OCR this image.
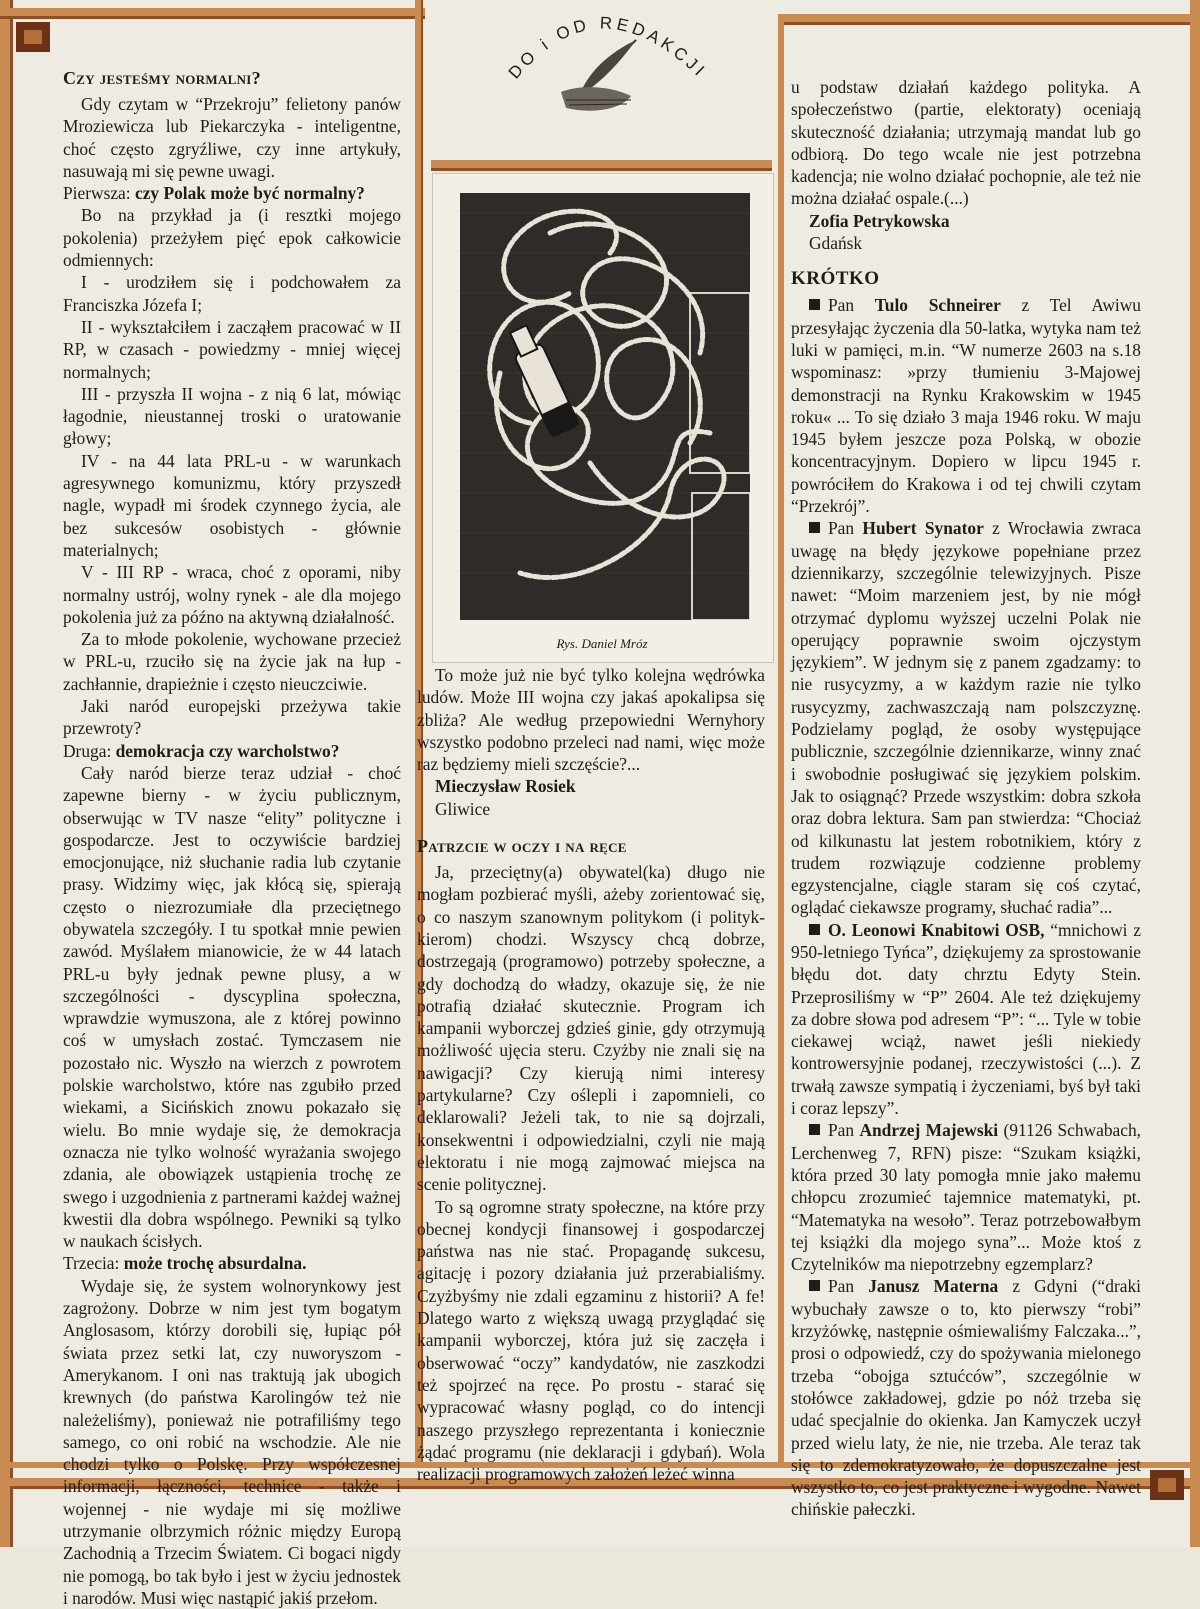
DO i OD REDAKCJI
Rys. Daniel Mróz
Czy jesteśmy normalni?

Gdy czytam w “Przekroju” felietony panów Mroziewicza lub Piekarczyka - inteligentne, choć często zgryźliwe, czy inne artykuły, nasuwają mi się pewne uwagi.

Pierwsza: czy Polak może być normalny?

Bo na przykład ja (i resztki mojego pokolenia) przeżyłem pięć epok całkowicie odmiennych:

I - urodziłem się i podchowałem za Franciszka Józefa I;

II - wykształciłem i zacząłem pracować w II RP, w czasach - powiedzmy - mniej więcej normalnych;

III - przyszła II wojna - z nią 6 lat, mówiąc łagodnie, nieustannej troski o uratowanie głowy;

IV - na 44 lata PRL-u - w warunkach agresywnego komunizmu, który przyszedł nagle, wypadł mi środek czynnego życia, ale bez sukcesów osobistych - głównie materialnych;

V - III RP - wraca, choć z oporami, niby normalny ustrój, wolny rynek - ale dla mojego pokolenia już za późno na aktywną działalność.

Za to młode pokolenie, wychowane przecież w PRL-u, rzuciło się na życie jak na łup - zachłannie, drapieżnie i często nieuczciwie.

Jaki naród europejski przeżywa takie przewroty?

Druga: demokracja czy warcholstwo?

Cały naród bierze teraz udział - choć zapewne bierny - w życiu publicznym, obserwując w TV nasze “elity” polityczne i gospodarcze. Jest to oczywiście bardziej emocjonujące, niż słuchanie radia lub czytanie prasy. Widzimy więc, jak kłócą się, spierają często o niezrozumiałe dla przeciętnego obywatela szczegóły. I tu spotkał mnie pewien zawód. Myślałem mianowicie, że w 44 latach PRL-u były jednak pewne plusy, a w szczególności - dyscyplina społeczna, wprawdzie wymuszona, ale z której powinno coś w umysłach zostać. Tymczasem nie pozostało nic. Wyszło na wierzch z powrotem polskie warcholstwo, które nas zgubiło przed wiekami, a Sicińskich znowu pokazało się wielu. Bo mnie wydaje się, że demokracja oznacza nie tylko wolność wyrażania swojego zdania, ale obowiązek ustąpienia trochę ze swego i uzgodnienia z partnerami każdej ważnej kwestii dla dobra wspólnego. Pewniki są tylko w naukach ścisłych.

Trzecia: może trochę absurdalna.

Wydaje się, że system wolnorynkowy jest zagrożony. Dobrze w nim jest tym bogatym Anglosasom, którzy dorobili się, łupiąc pół świata przez setki lat, czy nuworyszom - Amerykanom. I oni nas traktują jak ubogich krewnych (do państwa Karolingów też nie należeliśmy), ponieważ nie potrafiliśmy tego samego, co oni robić na wschodzie. Ale nie chodzi tylko o Polskę. Przy współczesnej informacji, łączności, technice - także i wojennej - nie wydaje mi się możliwe utrzymanie olbrzymich różnic między Europą Zachodnią a Trzecim Światem. Ci bogaci nigdy nie pomogą, bo tak było i jest w życiu jednostek i narodów. Musi więc nastąpić jakiś przełom.

To może już nie być tylko kolejna wędrówka ludów. Może III wojna czy jakaś apokalipsa się zbliża? Ale według przepowiedni Wernyhory wszystko podobno przeleci nad nami, więc może raz będziemy mieli szczęście?...

Mieczysław Rosiek

Gliwice

Patrzcie w oczy i na ręce

Ja, przeciętny(a) obywatel(ka) długo nie mogłam pozbierać myśli, ażeby zorientować się, o co naszym szanownym politykom (i polityk-kierom) chodzi. Wszyscy chcą dobrze, dostrzegają (programowo) potrzeby społeczne, a gdy dochodzą do władzy, okazuje się, że nie potrafią działać skutecznie. Program ich kampanii wyborczej gdzieś ginie, gdy otrzymują możliwość ujęcia steru. Czyżby nie znali się na nawigacji? Czy kierują nimi interesy partykularne? Czy oślepli i zapomnieli, co deklarowali? Jeżeli tak, to nie są dojrzali, konsekwentni i odpowiedzialni, czyli nie mają elektoratu i nie mogą zajmować miejsca na scenie politycznej.

To są ogromne straty społeczne, na które przy obecnej kondycji finansowej i gospodarczej państwa nas nie stać. Propagandę sukcesu, agitację i pozory działania już przerabialiśmy. Czyżbyśmy nie zdali egzaminu z historii? A fe! Dlatego warto z większą uwagą przyglądać się kampanii wyborczej, która już się zaczęła i obserwować “oczy” kandydatów, nie zaszkodzi też spojrzeć na ręce. Po prostu - starać się wypracować własny pogląd, co do intencji naszego przyszłego reprezentanta i koniecznie żądać programu (nie deklaracji i gdybań). Wola realizacji programowych założeń leżeć winna

u podstaw działań każdego polityka. A społeczeństwo (partie, elektoraty) oceniają skuteczność działania; utrzymają mandat lub go odbiorą. Do tego wcale nie jest potrzebna kadencja; nie wolno działać pochopnie, ale też nie można działać ospale.(...)

Zofia Petrykowska

Gdańsk

KRÓTKO

Pan Tulo Schneirer z Tel Awiwu przesyłając życzenia dla 50-latka, wytyka nam też luki w pamięci, m.in. “W numerze 2603 na s.18 wspominasz: »przy tłumieniu 3-Majowej demonstracji na Rynku Krakowskim w 1945 roku« ... To się działo 3 maja 1946 roku. W maju 1945 byłem jeszcze poza Polską, w obozie koncentracyjnym. Dopiero w lipcu 1945 r. powróciłem do Krakowa i od tej chwili czytam “Przekrój”.

Pan Hubert Synator z Wrocławia zwraca uwagę na błędy językowe popełniane przez dziennikarzy, szczególnie telewizyjnych. Pisze nawet: “Moim marzeniem jest, by nie mógł otrzymać dyplomu wyższej uczelni Polak nie operujący poprawnie swoim ojczystym językiem”. W jednym się z panem zgadzamy: to nie rusycyzmy, a w każdym razie nie tylko rusycyzmy, zachwaszczają nam polszczyznę. Podzielamy pogląd, że osoby występujące publicznie, szczególnie dziennikarze, winny znać i swobodnie posługiwać się językiem polskim. Jak to osiągnąć? Przede wszystkim: dobra szkoła oraz dobra lektura. Sam pan stwierdza: “Chociaż od kilkunastu lat jestem robotnikiem, który z trudem rozwiązuje codzienne problemy egzystencjalne, ciągle staram się coś czytać, oglądać ciekawsze programy, słuchać radia”...

O. Leonowi Knabitowi OSB, “mnichowi z 950-letniego Tyńca”, dziękujemy za sprostowanie błędu dot. daty chrztu Edyty Stein. Przeprosiliśmy w “P” 2604. Ale też dziękujemy za dobre słowa pod adresem “P”: “... Tyle w tobie ciekawej wciąż, nawet jeśli niekiedy kontrowersyjnie podanej, rzeczywistości (...). Z trwałą zawsze sympatią i życzeniami, byś był taki i coraz lepszy”.

Pan Andrzej Majewski (91126 Schwabach, Lerchenweg 7, RFN) pisze: “Szukam książki, która przed 30 laty pomogła mnie jako małemu chłopcu zrozumieć tajemnice matematyki, pt. “Matematyka na wesoło”. Teraz potrzebowałbym tej książki dla mojego syna”... Może ktoś z Czytelników ma niepotrzebny egzemplarz?

Pan Janusz Materna z Gdyni (“draki wybuchały zawsze o to, kto pierwszy “robi” krzyżówkę, następnie ośmiewaliśmy Falczaka...”, prosi o odpowiedź, czy do spożywania mielonego trzeba “obojga sztućców”, szczególnie w stołówce zakładowej, gdzie po nóż trzeba się udać specjalnie do okienka. Jan Kamyczek uczył przed wielu laty, że nie, nie trzeba. Ale teraz tak się to zdemokratyzowało, że dopuszczalne jest wszystko to, co jest praktyczne i wygodne. Nawet chińskie pałeczki.
